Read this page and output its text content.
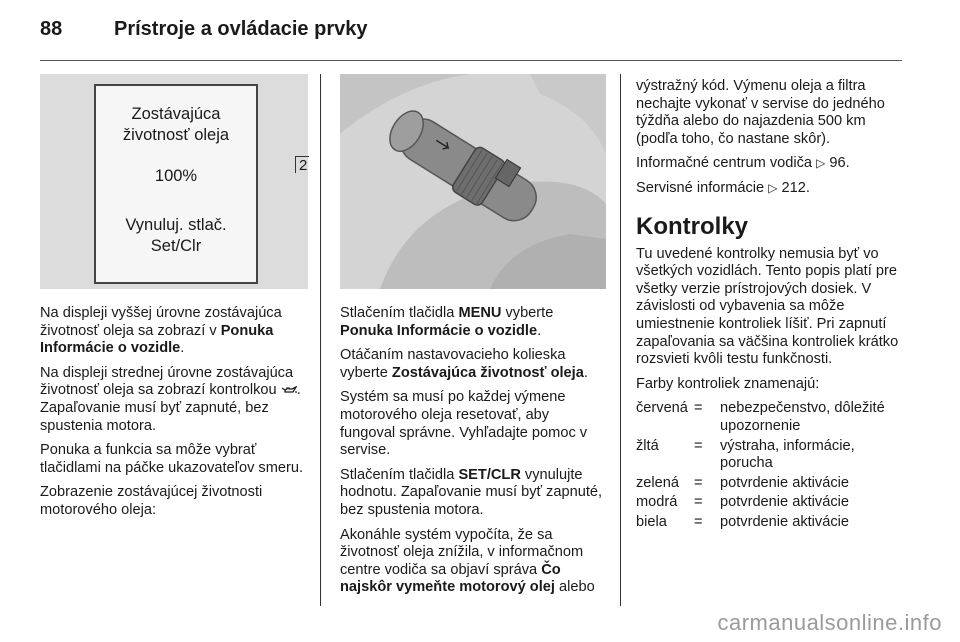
88	Prístroje a ovládacie prvky
Zostávajúca
životnosť oleja
100%
Vynuluj. stlač.
Set/Clr
2

Na displeji vyššej úrovne zostávajúca životnosť oleja sa zobrazí v Ponuka Informácie o vozidle.

Na displeji strednej úrovne zostávajúca životnosť oleja sa zobrazí kontrolkou . Zapaľovanie musí byť zapnuté, bez spustenia motora.

Ponuka a funkcia sa môže vybrať tlačidlami na páčke ukazovateľov smeru.

Zobrazenie zostávajúcej životnosti motorového oleja:

Stlačením tlačidla MENU vyberte Ponuka Informácie o vozidle.

Otáčaním nastavovacieho kolieska vyberte Zostávajúca životnosť oleja.

Systém sa musí po každej výmene motorového oleja resetovať, aby fungoval správne. Vyhľadajte pomoc v servise.

Stlačením tlačidla SET/CLR vynulujte hodnotu. Zapaľovanie musí byť zapnuté, bez spustenia motora.

Akonáhle systém vypočíta, že sa životnosť oleja znížila, v informačnom centre vodiča sa objaví správa Čo najskôr vymeňte motorový olej alebo

výstražný kód. Výmenu oleja a filtra nechajte vykonať v servise do jedného týždňa alebo do najazdenia 500 km (podľa toho, čo nastane skôr).

Informačné centrum vodiča ▷ 96.

Servisné informácie ▷ 212.

Kontrolky

Tu uvedené kontrolky nemusia byť vo všetkých vozidlách. Tento popis platí pre všetky verzie prístrojových dosiek. V závislosti od vybavenia sa môže umiestnenie kontroliek líšiť. Pri zapnutí zapaľovania sa väčšina kontroliek krátko rozsvieti kvôli testu funkčnosti.

Farby kontroliek znamenajú:

červená	=	nebezpečenstvo, dôležité upozornenie
žltá	=	výstraha, informácie, porucha
zelená	=	potvrdenie aktivácie
modrá	=	potvrdenie aktivácie
biela	=	potvrdenie aktivácie
carmanualsonline.info
